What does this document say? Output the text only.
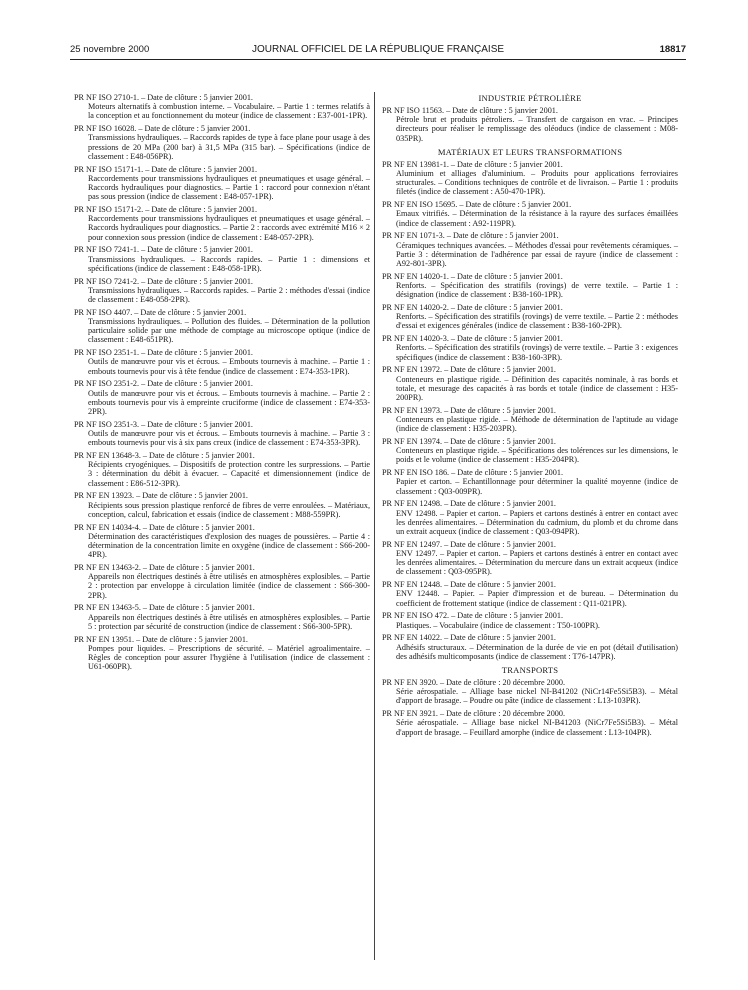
25 novembre 2000	JOURNAL OFFICIEL DE LA RÉPUBLIQUE FRANÇAISE	18817
PR NF ISO 2710-1. – Date de clôture : 5 janvier 2001.
Moteurs alternatifs à combustion interne. – Vocabulaire. – Partie 1 : termes relatifs à la conception et au fonctionnement du moteur (indice de classement : E37-001-1PR).
PR NF ISO 16028. – Date de clôture : 5 janvier 2001.
Transmissions hydrauliques. – Raccords rapides de type à face plane pour usage à des pressions de 20 MPa (200 bar) à 31,5 MPa (315 bar). – Spécifications (indice de classement : E48-056PR).
PR NF ISO 15171-1. – Date de clôture : 5 janvier 2001.
Raccordements pour transmissions hydrauliques et pneumatiques et usage général. – Raccords hydrauliques pour diagnostics. – Partie 1 : raccord pour connexion n'étant pas sous pression (indice de classement : E48-057-1PR).
PR NF ISO 15171-2. – Date de clôture : 5 janvier 2001.
Raccordements pour transmissions hydrauliques et pneumatiques et usage général. – Raccords hydrauliques pour diagnostics. – Partie 2 : raccords avec extrémité M16 × 2 pour connexion sous pression (indice de classement : E48-057-2PR).
PR NF ISO 7241-1. – Date de clôture : 5 janvier 2001.
Transmissions hydrauliques. – Raccords rapides. – Partie 1 : dimensions et spécifications (indice de classement : E48-058-1PR).
PR NF ISO 7241-2. – Date de clôture : 5 janvier 2001.
Transmissions hydrauliques. – Raccords rapides. – Partie 2 : méthodes d'essai (indice de classement : E48-058-2PR).
PR NF ISO 4407. – Date de clôture : 5 janvier 2001.
Transmissions hydrauliques. – Pollution des fluides. – Détermination de la pollution particulaire solide par une méthode de comptage au microscope optique (indice de classement : E48-651PR).
PR NF ISO 2351-1. – Date de clôture : 5 janvier 2001.
Outils de manœuvre pour vis et écrous. – Embouts tournevis à machine. – Partie 1 : embouts tournevis pour vis à tête fendue (indice de classement : E74-353-1PR).
PR NF ISO 2351-2. – Date de clôture : 5 janvier 2001.
Outils de manœuvre pour vis et écrous. – Embouts tournevis à machine. – Partie 2 : embouts tournevis pour vis à empreinte cruciforme (indice de classement : E74-353-2PR).
PR NF ISO 2351-3. – Date de clôture : 5 janvier 2001.
Outils de manœuvre pour vis et écrous. – Embouts tournevis à machine. – Partie 3 : embouts tournevis pour vis à six pans creux (indice de classement : E74-353-3PR).
PR NF EN 13648-3. – Date de clôture : 5 janvier 2001.
Récipients cryogéniques. – Dispositifs de protection contre les surpressions. – Partie 3 : détermination du débit à évacuer. – Capacité et dimensionnement (indice de classement : E86-512-3PR).
PR NF EN 13923. – Date de clôture : 5 janvier 2001.
Récipients sous pression plastique renforcé de fibres de verre enroulées. – Matériaux, conception, calcul, fabrication et essais (indice de classement : M88-559PR).
PR NF EN 14034-4. – Date de clôture : 5 janvier 2001.
Détermination des caractéristiques d'explosion des nuages de poussières. – Partie 4 : détermination de la concentration limite en oxygène (indice de classement : S66-200-4PR).
PR NF EN 13463-2. – Date de clôture : 5 janvier 2001.
Appareils non électriques destinés à être utilisés en atmosphères explosibles. – Partie 2 : protection par enveloppe à circulation limitée (indice de classement : S66-300-2PR).
PR NF EN 13463-5. – Date de clôture : 5 janvier 2001.
Appareils non électriques destinés à être utilisés en atmosphères explosibles. – Partie 5 : protection par sécurité de construction (indice de classement : S66-300-5PR).
PR NF EN 13951. – Date de clôture : 5 janvier 2001.
Pompes pour liquides. – Prescriptions de sécurité. – Matériel agroalimentaire. – Règles de conception pour assurer l'hygiène à l'utilisation (indice de classement : U61-060PR).
INDUSTRIE PÉTROLIÈRE
PR NF ISO 11563. – Date de clôture : 5 janvier 2001.
Pétrole brut et produits pétroliers. – Transfert de cargaison en vrac. – Principes directeurs pour réaliser le remplissage des oléoducs (indice de classement : M08-035PR).
MATÉRIAUX ET LEURS TRANSFORMATIONS
PR NF EN 13981-1. – Date de clôture : 5 janvier 2001.
Aluminium et alliages d'aluminium. – Produits pour applications ferroviaires structurales. – Conditions techniques de contrôle et de livraison. – Partie 1 : produits filetés (indice de classement : A50-470-1PR).
PR NF EN ISO 15695. – Date de clôture : 5 janvier 2001.
Emaux vitrifiés. – Détermination de la résistance à la rayure des surfaces émaillées (indice de classement : A92-119PR).
PR NF EN 1071-3. – Date de clôture : 5 janvier 2001.
Céramiques techniques avancées. – Méthodes d'essai pour revêtements céramiques. – Partie 3 : détermination de l'adhérence par essai de rayure (indice de classement : A92-801-3PR).
PR NF EN 14020-1. – Date de clôture : 5 janvier 2001.
Renforts. – Spécification des stratifils (rovings) de verre textile. – Partie 1 : désignation (indice de classement : B38-160-1PR).
PR NF EN 14020-2. – Date de clôture : 5 janvier 2001.
Renforts. – Spécification des stratifils (rovings) de verre textile. – Partie 2 : méthodes d'essai et exigences générales (indice de classement : B38-160-2PR).
PR NF EN 14020-3. – Date de clôture : 5 janvier 2001.
Renforts. – Spécification des stratifils (rovings) de verre textile. – Partie 3 : exigences spécifiques (indice de classement : B38-160-3PR).
PR NF EN 13972. – Date de clôture : 5 janvier 2001.
Conteneurs en plastique rigide. – Définition des capacités nominale, à ras bords et totale, et mesurage des capacités à ras bords et totale (indice de classement : H35-200PR).
PR NF EN 13973. – Date de clôture : 5 janvier 2001.
Conteneurs en plastique rigide. – Méthode de détermination de l'aptitude au vidage (indice de classement : H35-203PR).
PR NF EN 13974. – Date de clôture : 5 janvier 2001.
Conteneurs en plastique rigide. – Spécifications des tolérences sur les dimensions, le poids et le volume (indice de classement : H35-204PR).
PR NF EN ISO 186. – Date de clôture : 5 janvier 2001.
Papier et carton. – Echantillonnage pour déterminer la qualité moyenne (indice de classement : Q03-009PR).
PR NF EN 12498. – Date de clôture : 5 janvier 2001.
ENV 12498. – Papier et carton. – Papiers et cartons destinés à entrer en contact avec les denrées alimentaires. – Détermination du cadmium, du plomb et du chrome dans un extrait acqueux (indice de classement : Q03-094PR).
PR NF EN 12497. – Date de clôture : 5 janvier 2001.
ENV 12497. – Papier et carton. – Papiers et cartons destinés à entrer en contact avec les denrées alimentaires. – Détermination du mercure dans un extrait acqueux (indice de classement : Q03-095PR).
PR NF EN 12448. – Date de clôture : 5 janvier 2001.
ENV 12448. – Papier. – Papier d'impression et de bureau. – Détermination du coefficient de frottement statique (indice de classement : Q11-021PR).
PR NF EN ISO 472. – Date de clôture : 5 janvier 2001.
Plastiques. – Vocabulaire (indice de classement : T50-100PR).
PR NF EN 14022. – Date de clôture : 5 janvier 2001.
Adhésifs structuraux. – Détermination de la durée de vie en pot (détail d'utilisation) des adhésifs multicomposants (indice de classement : T76-147PR).
TRANSPORTS
PR NF EN 3920. – Date de clôture : 20 décembre 2000.
Série aérospatiale. – Alliage base nickel NI-B41202 (NiCr14Fe5Si5B3). – Métal d'apport de brasage. – Poudre ou pâte (indice de classement : L13-103PR).
PR NF EN 3921. – Date de clôture : 20 décembre 2000.
Série aérospatiale. – Alliage base nickel NI-B41203 (NiCr7Fe5Si5B3). – Métal d'apport de brasage. – Feuillard amorphe (indice de classement : L13-104PR).
